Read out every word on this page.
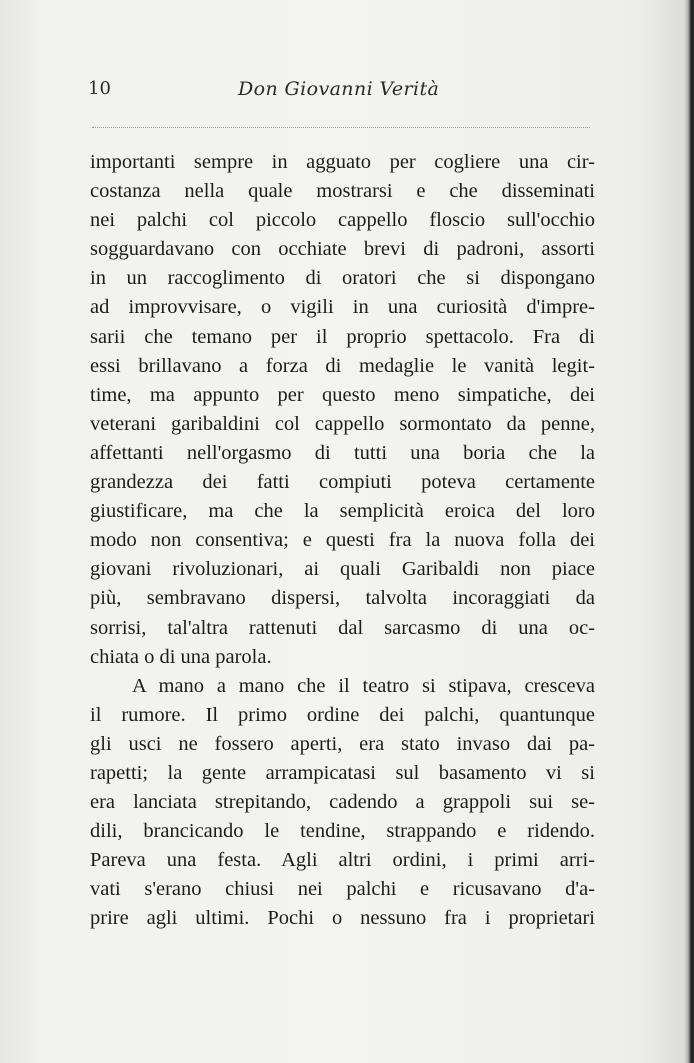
10	Don Giovanni Verità
importanti sempre in agguato per cogliere una cir-
costanza nella quale mostrarsi e che disseminati
nei palchi col piccolo cappello floscio sull'occhio
sogguardavano con occhiate brevi di padroni, assorti
in un raccoglimento di oratori che si dispongano
ad improvvisare, o vigili in una curiosità d'impre-
sarii che temano per il proprio spettacolo. Fra di
essi brillavano a forza di medaglie le vanità legit-
time, ma appunto per questo meno simpatiche, dei
veterani garibaldini col cappello sormontato da penne,
affettanti nell'orgasmo di tutti una boria che la
grandezza dei fatti compiuti poteva certamente
giustificare, ma che la semplicità eroica del loro
modo non consentiva; e questi fra la nuova folla dei
giovani rivoluzionari, ai quali Garibaldi non piace
più, sembravano dispersi, talvolta incoraggiati da
sorrisi, tal'altra rattenuti dal sarcasmo di una oc-
chiata o di una parola.
A mano a mano che il teatro si stipava, cresceva
il rumore. Il primo ordine dei palchi, quantunque
gli usci ne fossero aperti, era stato invaso dai pa-
rapetti; la gente arrampicatasi sul basamento vi si
era lanciata strepitando, cadendo a grappoli sui se-
dili, brancicando le tendine, strappando e ridendo.
Pareva una festa. Agli altri ordini, i primi arri-
vati s'erano chiusi nei palchi e ricusavano d'a-
prire agli ultimi. Pochi o nessuno fra i proprietari
